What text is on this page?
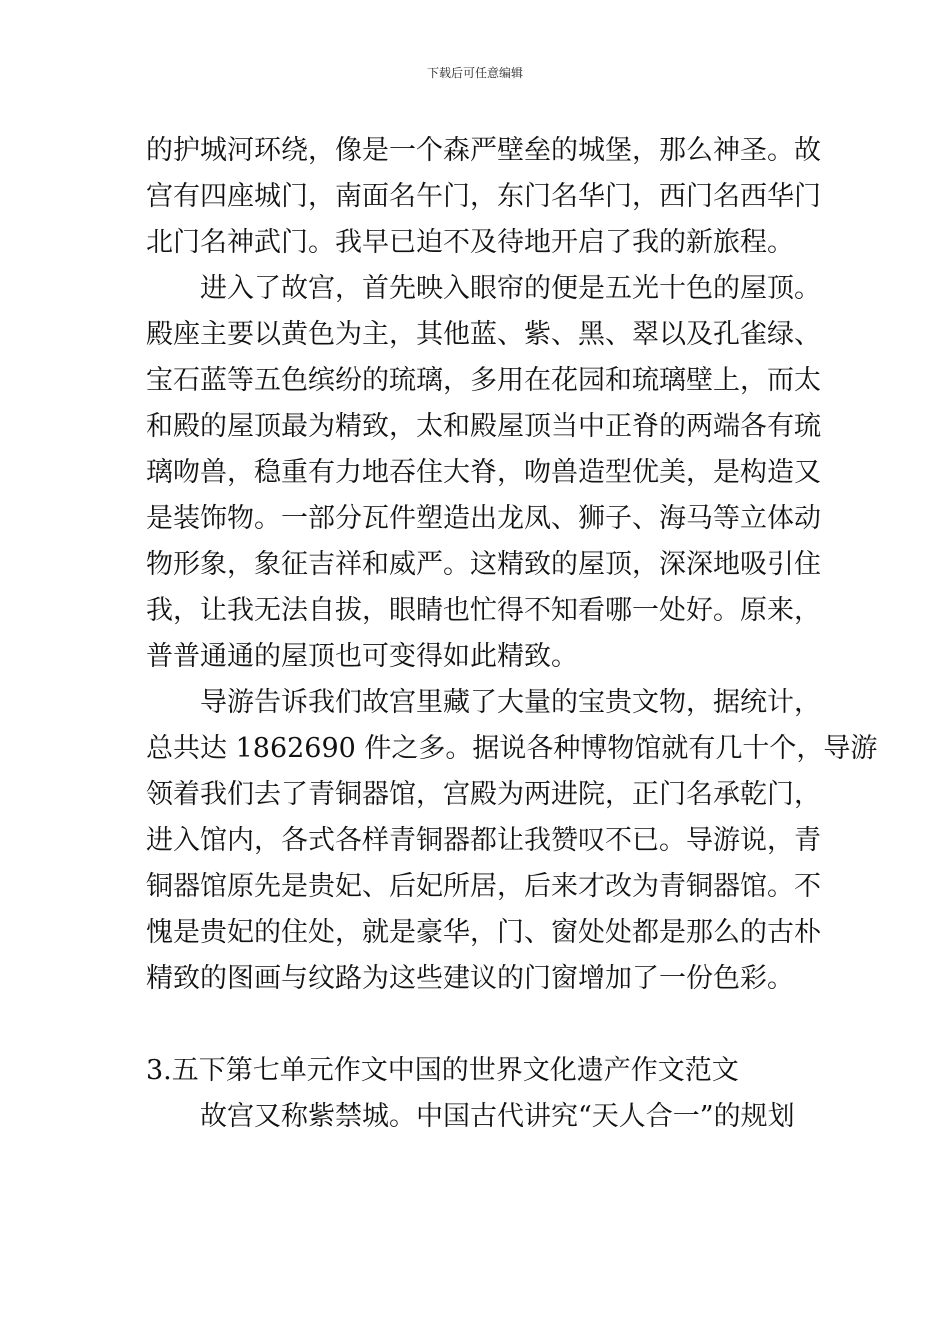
下载后可任意编辑
的护城河环绕，像是一个森严壁垒的城堡，那么神圣。故
宫有四座城门，南面名午门，东门名华门，西门名西华门
北门名神武门。我早已迫不及待地开启了我的新旅程。
进入了故宫，首先映入眼帘的便是五光十色的屋顶。
殿座主要以黄色为主，其他蓝、紫、黑、翠以及孔雀绿、
宝石蓝等五色缤纷的琉璃，多用在花园和琉璃壁上，而太
和殿的屋顶最为精致，太和殿屋顶当中正脊的两端各有琉
璃吻兽，稳重有力地吞住大脊，吻兽造型优美，是构造又
是装饰物。一部分瓦件塑造出龙凤、狮子、海马等立体动
物形象，象征吉祥和威严。这精致的屋顶，深深地吸引住
我，让我无法自拔，眼睛也忙得不知看哪一处好。原来，
普普通通的屋顶也可变得如此精致。
导游告诉我们故宫里藏了大量的宝贵文物，据统计，
总共达 1862690 件之多。据说各种博物馆就有几十个，导游
领着我们去了青铜器馆，宫殿为两进院，正门名承乾门，
进入馆内，各式各样青铜器都让我赞叹不已。导游说，青
铜器馆原先是贵妃、后妃所居，后来才改为青铜器馆。不
愧是贵妃的住处，就是豪华，门、窗处处都是那么的古朴
精致的图画与纹路为这些建议的门窗增加了一份色彩。
3.五下第七单元作文中国的世界文化遗产作文范文
故宫又称紫禁城。中国古代讲究“天人合一”的规划
